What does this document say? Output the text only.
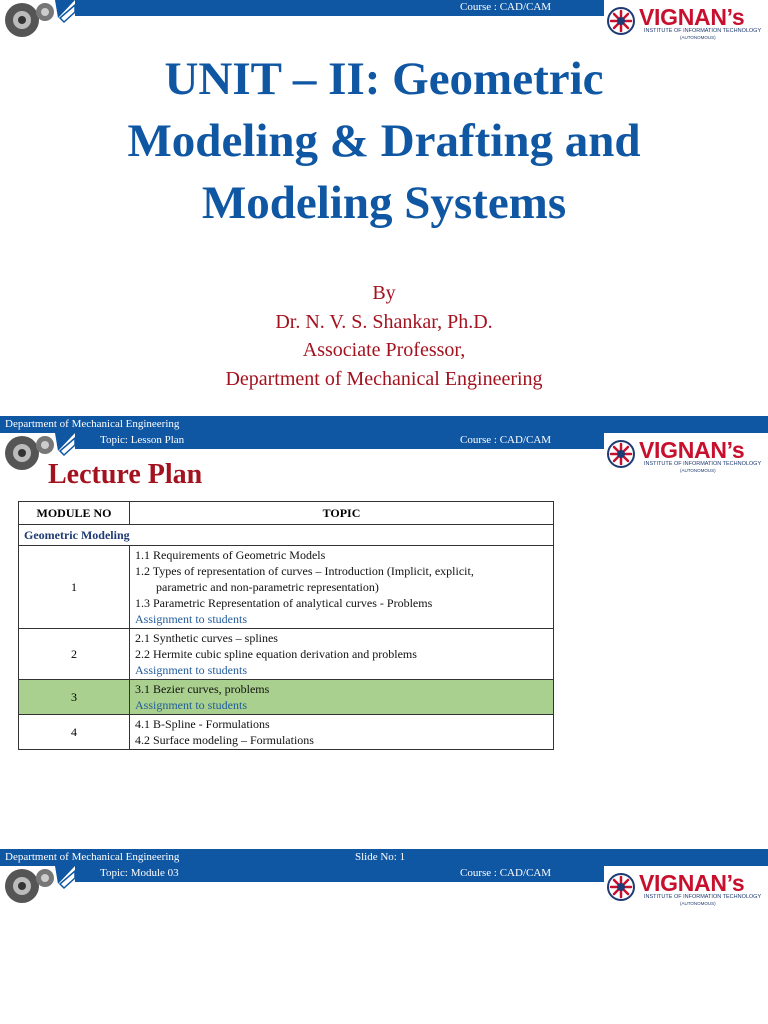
Course : CAD/CAM	VIGNAN’s
INSTITUTE OF INFORMATION TECHNOLOGY
(AUTONOMOUS)
UNIT – II: Geometric
Modeling & Drafting and
Modeling Systems
By
Dr. N. V. S. Shankar, Ph.D.
Associate Professor,
Department of Mechanical Engineering
Department of Mechanical Engineering
Topic: Lesson Plan	Course : CAD/CAM	VIGNAN’s
INSTITUTE OF INFORMATION TECHNOLOGY
(AUTONOMOUS)
Department of Mechanical Engineering	Slide No: 1
Lecture Plan
MODULE NO	TOPIC
Geometric Modeling	
1	1.1 Requirements of Geometric Models
1.2 Types of representation of curves – Introduction (Implicit, explicit,
parametric and non-parametric representation)
1.3 Parametric Representation of analytical curves - Problems
Assignment to students

2	2.1 Synthetic curves – splines
2.2 Hermite cubic spline equation derivation and problems
Assignment to students

3	3.1 Bezier curves, problems
Assignment to students

4	4.1 B-Spline - Formulations
4.2 Surface modeling – Formulations
Topic: Module 03	Course : CAD/CAM	VIGNAN’s
INSTITUTE OF INFORMATION TECHNOLOGY
(AUTONOMOUS)
